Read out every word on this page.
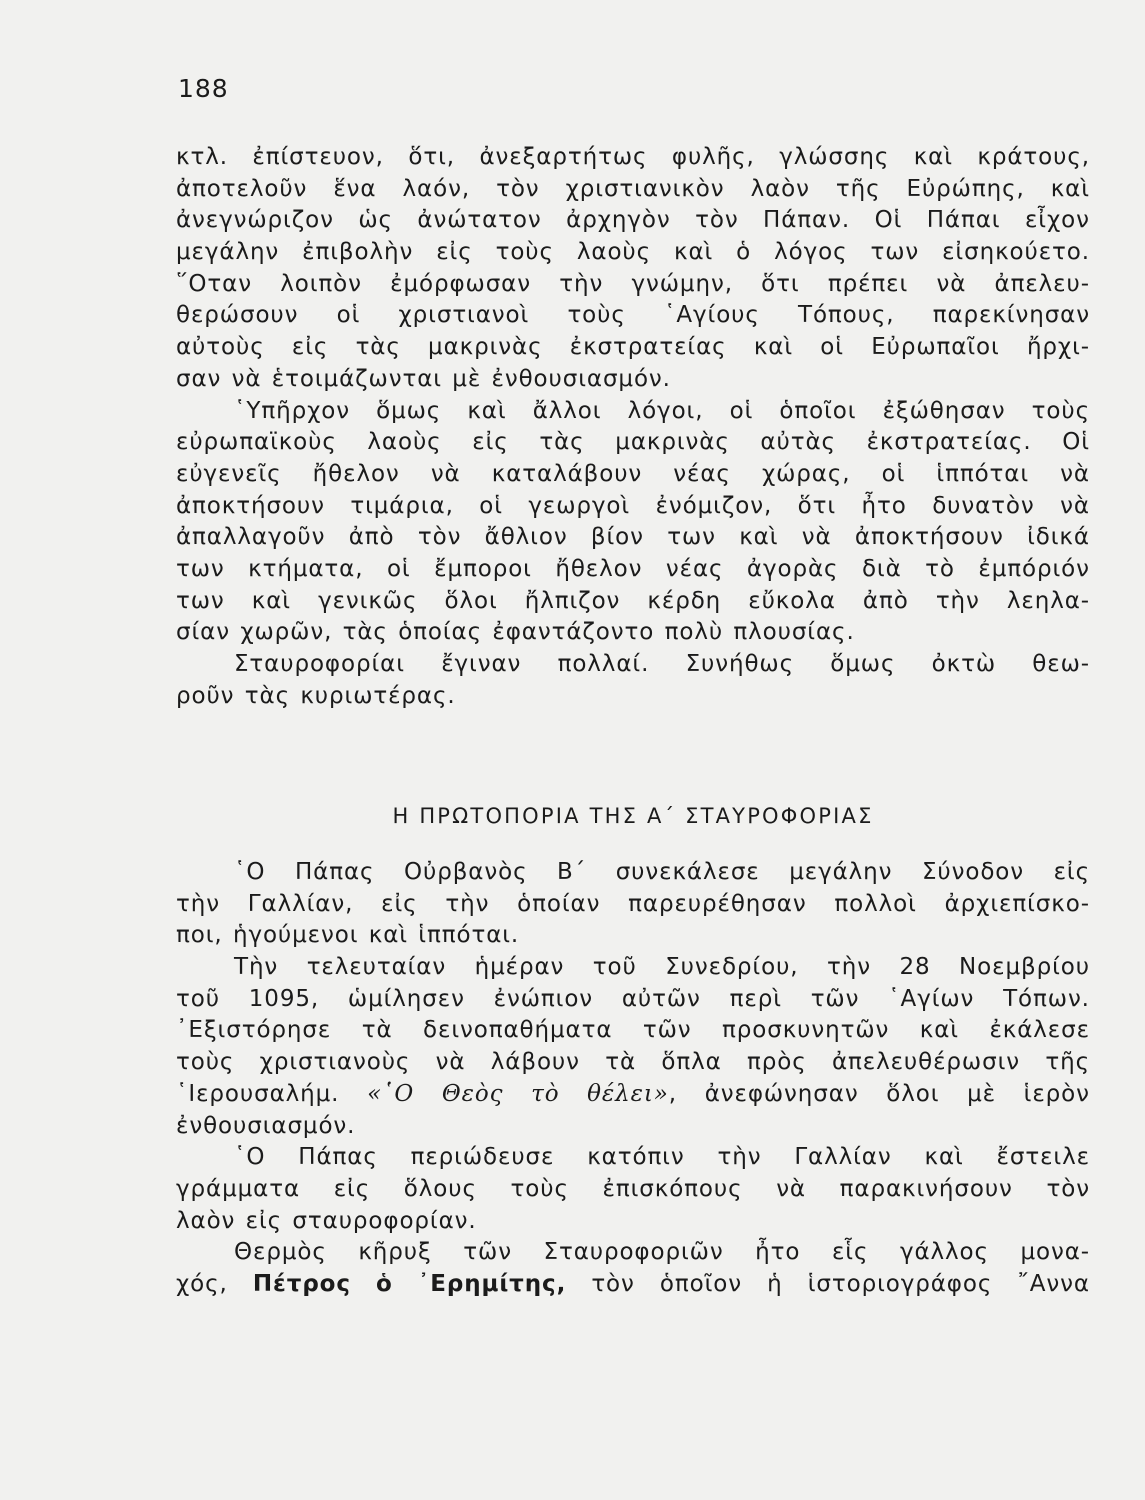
188
κτλ. ἐπίστευον, ὅτι, ἀνεξαρτήτως φυλῆς, γλώσσης καὶ κράτους,
ἀποτελοῦν ἕνα λαόν, τὸν χριστιανικὸν λαὸν τῆς Εὐρώπης, καὶ
ἀνεγνώριζον ὡς ἀνώτατον ἀρχηγὸν τὸν Πάπαν. Οἱ Πάπαι εἶχον
μεγάλην ἐπιβολὴν εἰς τοὺς λαοὺς καὶ ὁ λόγος των εἰσηκούετο.
῞Οταν λοιπὸν ἐμόρφωσαν τὴν γνώμην, ὅτι πρέπει νὰ ἀπελευ-
θερώσουν οἱ χριστιανοὶ τοὺς ῾Αγίους Τόπους, παρεκίνησαν
αὐτοὺς εἰς τὰς μακρινὰς ἐκστρατείας καὶ οἱ Εὐρωπαῖοι ἤρχι-
σαν νὰ ἑτοιμάζωνται μὲ ἐνθουσιασμόν.
῾Υπῆρχον ὅμως καὶ ἄλλοι λόγοι, οἱ ὁποῖοι ἐξώθησαν τοὺς
εὐρωπαϊκοὺς λαοὺς εἰς τὰς μακρινὰς αὐτὰς ἐκστρατείας. Οἱ
εὐγενεῖς ἤθελον νὰ καταλάβουν νέας χώρας, οἱ ἱππόται νὰ
ἀποκτήσουν τιμάρια, οἱ γεωργοὶ ἐνόμιζον, ὅτι ἦτο δυνατὸν νὰ
ἀπαλλαγοῦν ἀπὸ τὸν ἄθλιον βίον των καὶ νὰ ἀποκτήσουν ἰδικά
των κτήματα, οἱ ἔμποροι ἤθελον νέας ἀγορὰς διὰ τὸ ἐμπόριόν
των καὶ γενικῶς ὅλοι ἤλπιζον κέρδη εὔκολα ἀπὸ τὴν λεηλα-
σίαν χωρῶν, τὰς ὁποίας ἐφαντάζοντο πολὺ πλουσίας.
Σταυροφορίαι ἔγιναν πολλαί. Συνήθως ὅμως ὀκτὼ θεω-
ροῦν τὰς κυριωτέρας.
Η ΠΡΩΤΟΠΟΡΙΑ ΤΗΣ Α΄ ΣΤΑΥΡΟΦΟΡΙΑΣ
῾Ο Πάπας Οὐρβανὸς Β΄ συνεκάλεσε μεγάλην Σύνοδον εἰς
τὴν Γαλλίαν, εἰς τὴν ὁποίαν παρευρέθησαν πολλοὶ ἀρχιεπίσκο-
ποι, ἡγούμενοι καὶ ἱππόται.
Τὴν τελευταίαν ἡμέραν τοῦ Συνεδρίου, τὴν 28 Νοεμβρίου
τοῦ 1095, ὡμίλησεν ἐνώπιον αὐτῶν περὶ τῶν ῾Αγίων Τόπων.
᾿Εξιστόρησε τὰ δεινοπαθήματα τῶν προσκυνητῶν καὶ ἐκάλεσε
τοὺς χριστιανοὺς νὰ λάβουν τὰ ὅπλα πρὸς ἀπελευθέρωσιν τῆς
῾Ιερουσαλήμ. «῾Ο Θεὸς τὸ θέλει», ἀνεφώνησαν ὅλοι μὲ ἱερὸν
ἐνθουσιασμόν.
῾Ο Πάπας περιώδευσε κατόπιν τὴν Γαλλίαν καὶ ἔστειλε
γράμματα εἰς ὅλους τοὺς ἐπισκόπους νὰ παρακινήσουν τὸν
λαὸν εἰς σταυροφορίαν.
Θερμὸς κῆρυξ τῶν Σταυροφοριῶν ἦτο εἷς γάλλος μονα-
χός, Πέτρος ὁ ᾿Ερημίτης, τὸν ὁποῖον ἡ ἱστοριογράφος ῎Αννα
